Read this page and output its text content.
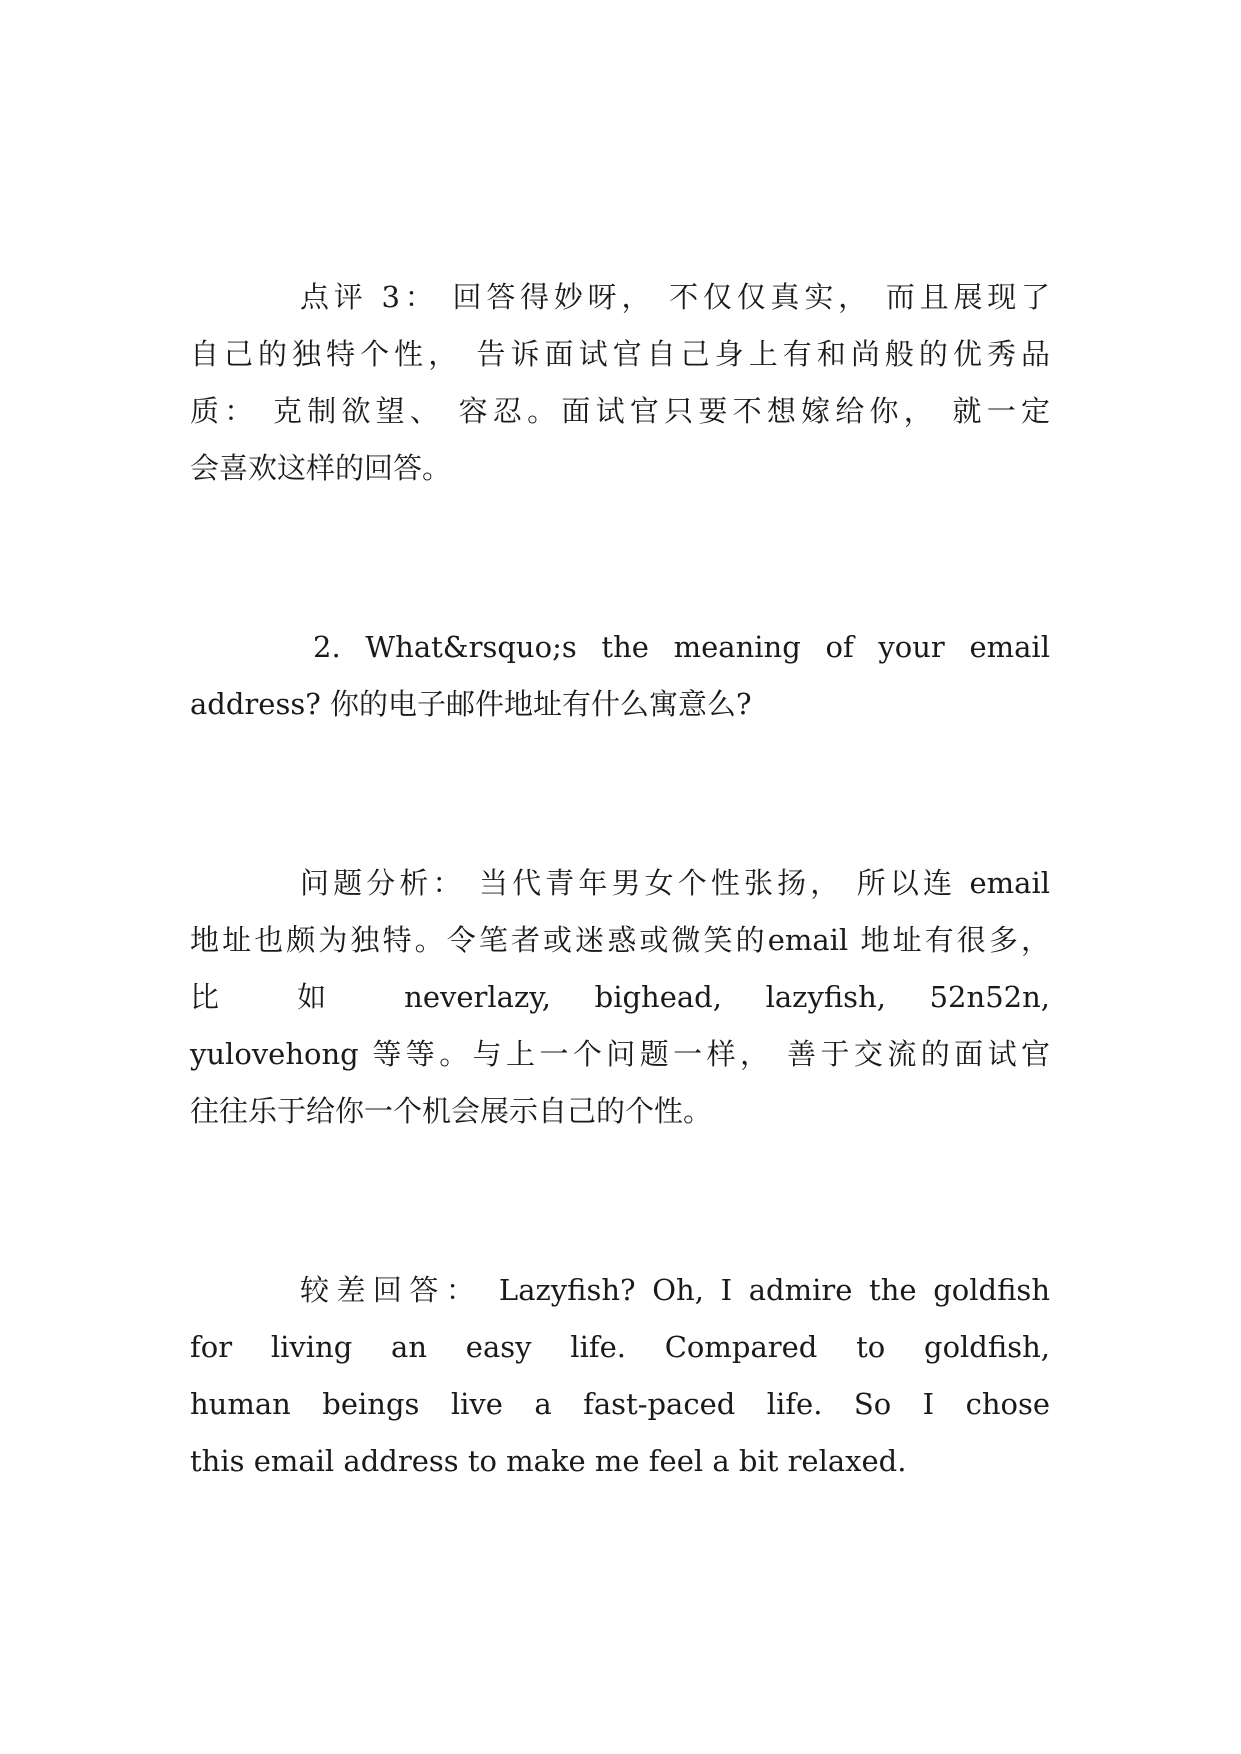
点评 3： 回答得妙呀， 不仅仅真实， 而且展现了
自己的独特个性， 告诉面试官自己身上有和尚般的优秀品
质： 克制欲望、 容忍。面试官只要不想嫁给你， 就一定
会喜欢这样的回答。
2. What&rsquo;s the meaning of your email
address? 你的电子邮件地址有什么寓意么?
问题分析： 当代青年男女个性张扬， 所以连 email
地址也颇为独特。令笔者或迷惑或微笑的email 地址有很多，
比 如 neverlazy, bighead, lazyfish, 52n52n,
yulovehong 等等。与上一个问题一样， 善于交流的面试官
往往乐于给你一个机会展示自己的个性。
较差回答： Lazyfish? Oh, I admire the goldfish
for living an easy life. Compared to goldfish,
human beings live a fast-paced life. So I chose
this email address to make me feel a bit relaxed.
